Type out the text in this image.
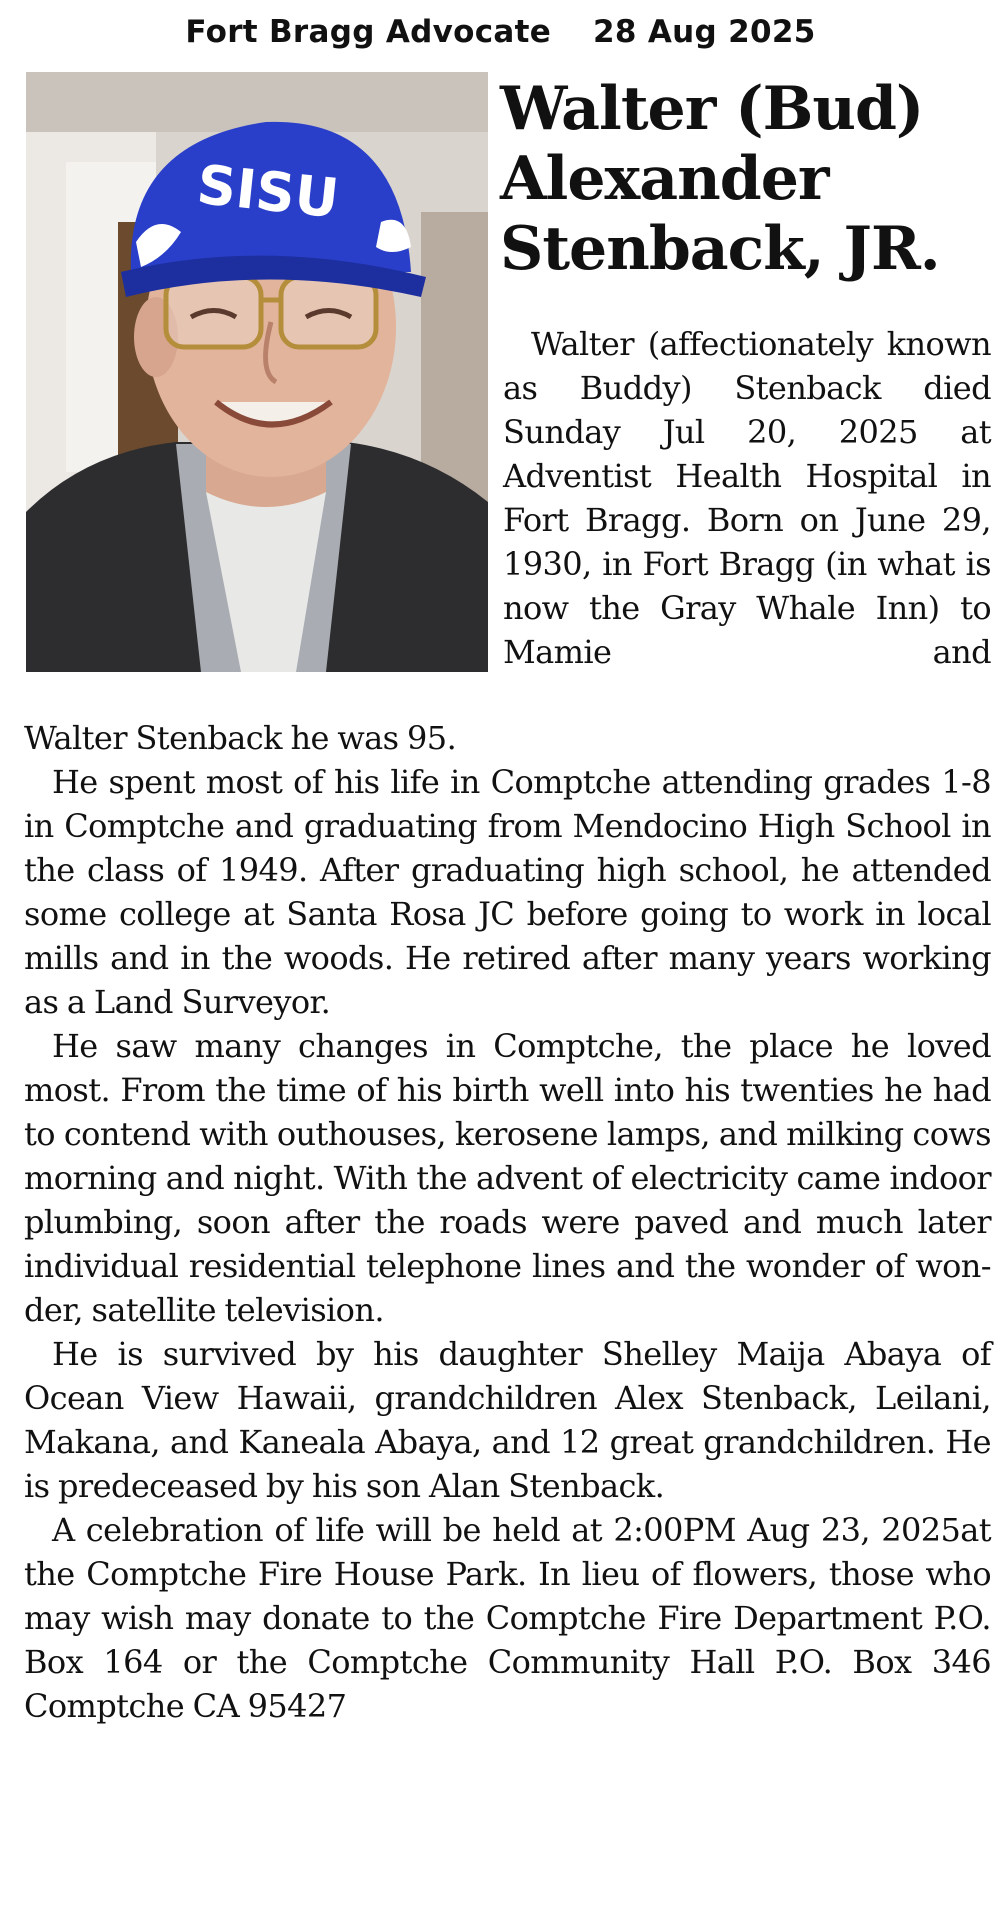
Fort Bragg Advocate 28 Aug 2025
SISU
Walter (Bud)
Alexander
Stenback, JR.

Walter (affectionately known as Buddy) Stenback died Sunday Jul 20, 2025 at Adventist Health Hospital in Fort Bragg. Born on June 29, 1930, in Fort Bragg (in what is now the Gray Whale Inn) to Mamie and

Walter Stenback he was 95.

He spent most of his life in Comptche attending grades 1-8 in Comptche and graduating from Mendocino High School in the class of 1949. After graduating high school, he attended some college at Santa Rosa JC before going to work in local mills and in the woods. He retired after many years working as a Land Surveyor.

He saw many changes in Comptche, the place he loved most. From the time of his birth well into his twenties he had to contend with outhouses, kerosene lamps, and milking cows morning and night. With the advent of electricity came indoor plumbing, soon after the roads were paved and much later individual residential telephone lines and the wonder of won-der, satellite television.

He is survived by his daughter Shelley Maija Abaya of Ocean View Hawaii, grandchildren Alex Stenback, Leilani, Makana, and Kaneala Abaya, and 12 great grandchildren. He is predeceased by his son Alan Stenback.

A celebration of life will be held at 2:00PM Aug 23, 2025at the Comptche Fire House Park. In lieu of flowers, those who may wish may donate to the Comptche Fire Department P.O. Box 164 or the Comptche Community Hall P.O. Box 346 Comptche CA 95427
